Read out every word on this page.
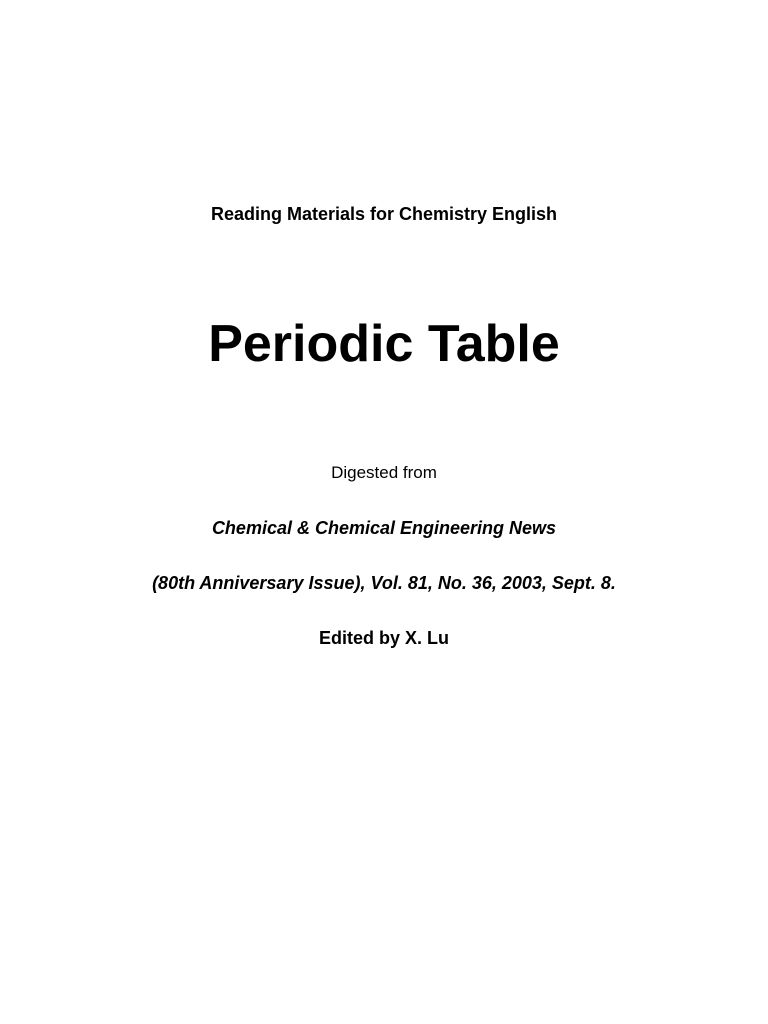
Reading Materials for Chemistry English
Periodic Table
Digested from
Chemical & Chemical Engineering News
(80th Anniversary Issue), Vol. 81, No. 36, 2003, Sept. 8.
Edited by X. Lu
